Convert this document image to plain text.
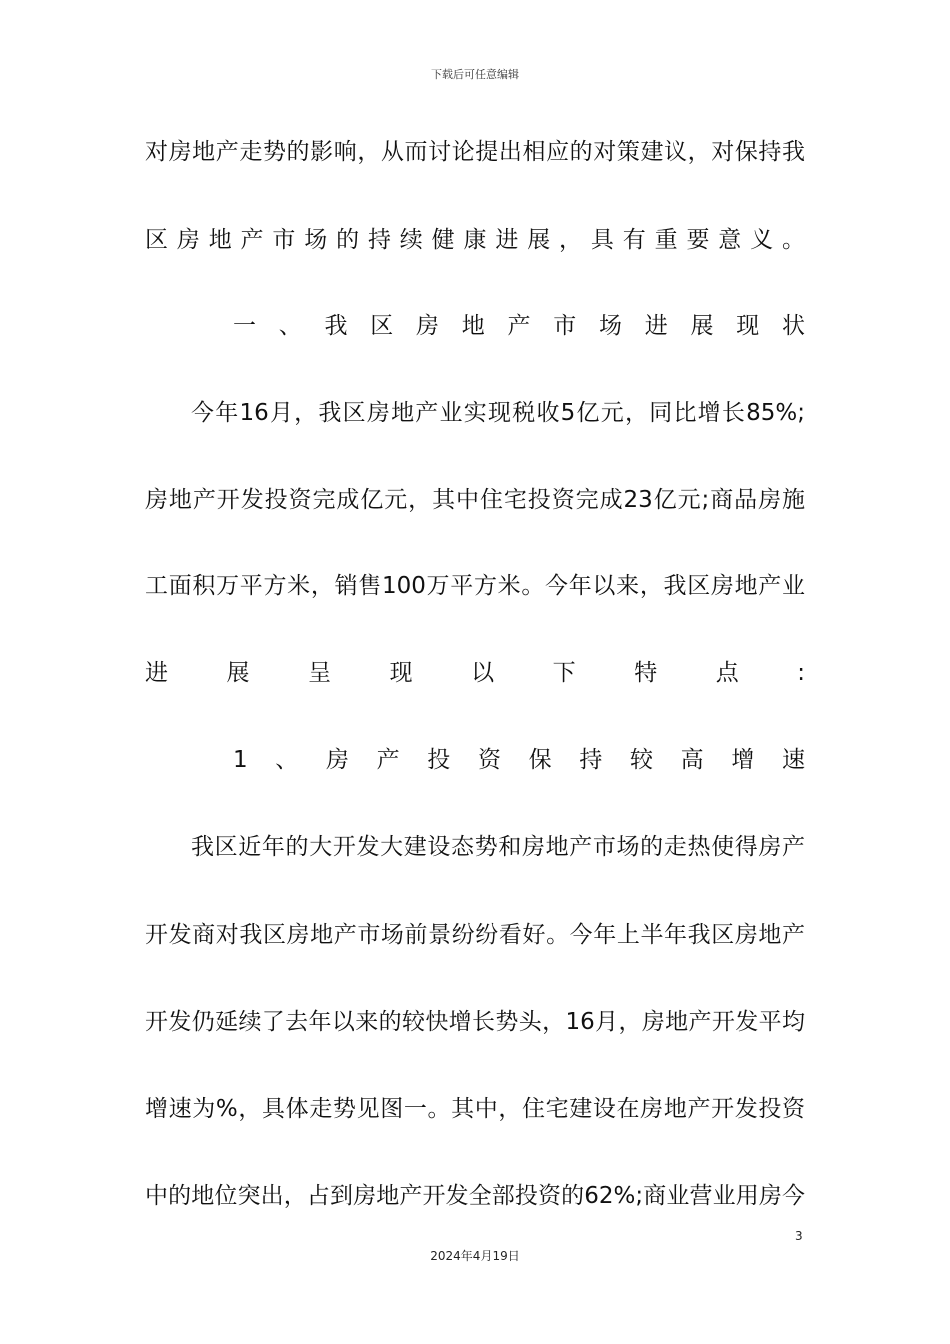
下载后可任意编辑
对房地产走势的影响，从而讨论提出相应的对策建议，对保持我
区房地产市场的持续健康进展，具有重要意义。
一、我区房地产市场进展现状
今年16月，我区房地产业实现税收5亿元，同比增长85%;
房地产开发投资完成亿元，其中住宅投资完成23亿元;商品房施
工面积万平方米，销售100万平方米。今年以来，我区房地产业
进展呈现以下特点:
1、房产投资保持较高增速
我区近年的大开发大建设态势和房地产市场的走热使得房产
开发商对我区房地产市场前景纷纷看好。今年上半年我区房地产
开发仍延续了去年以来的较快增长势头，16月，房地产开发平均
增速为%，具体走势见图一。其中，住宅建设在房地产开发投资
中的地位突出，占到房地产开发全部投资的62%;商业营业用房今
3
2024年4月19日
